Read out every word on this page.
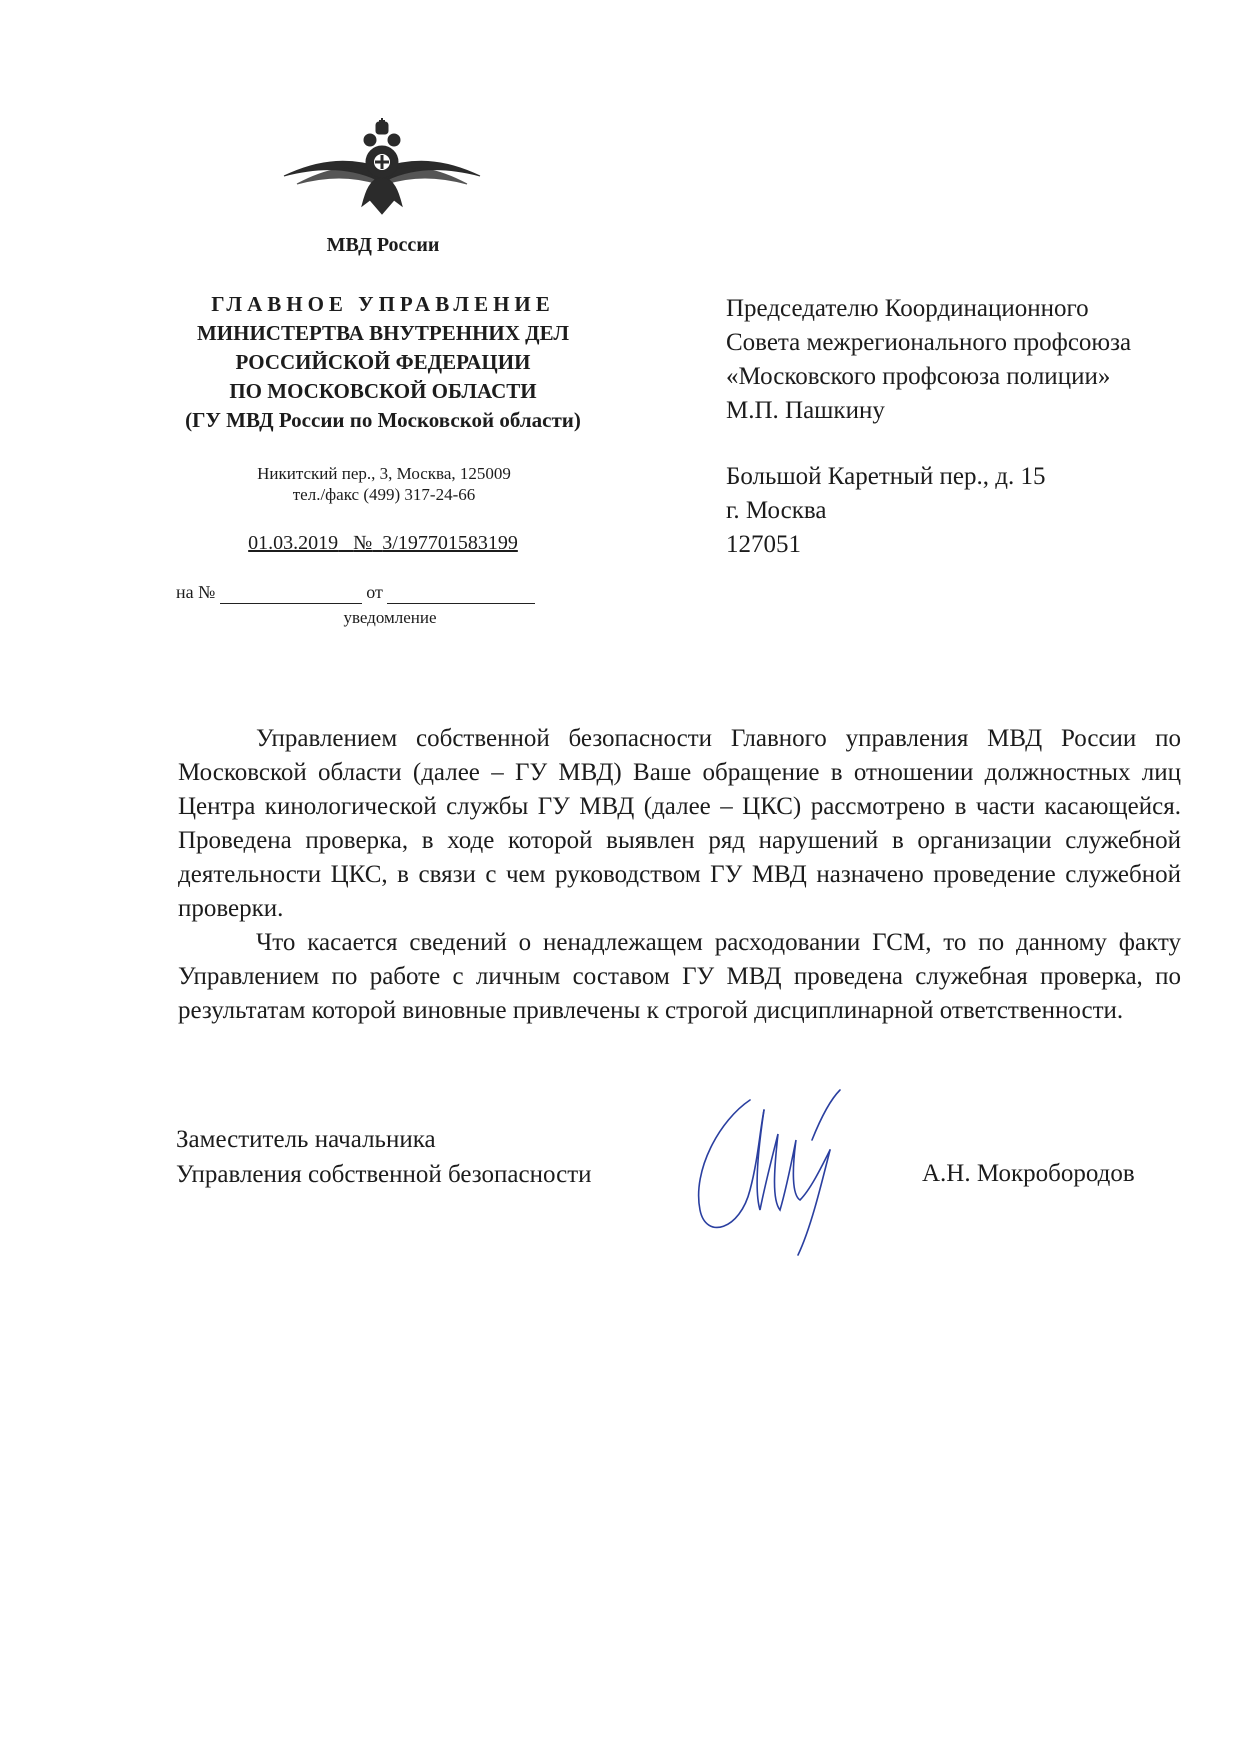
МВД России
ГЛАВНОЕ УПРАВЛЕНИЕ
МИНИСТЕРТВА ВНУТРЕННИХ ДЕЛ
РОССИЙСКОЙ ФЕДЕРАЦИИ
ПО МОСКОВСКОЙ ОБЛАСТИ
(ГУ МВД России по Московской области)
Никитский пер., 3, Москва, 125009
тел./факс (499) 317-24-66
01.03.2019 № 3/197701583199
на №	от
уведомление
Председателю Координационного
Совета межрегионального профсоюза
«Московского профсоюза полиции»
М.П. Пашкину
Большой Каретный пер., д. 15
г. Москва
127051

Управлением собственной безопасности Главного управления МВД России по Московской области (далее – ГУ МВД) Ваше обращение в отношении должностных лиц Центра кинологической службы ГУ МВД (далее – ЦКС) рассмотрено в части касающейся. Проведена проверка, в ходе которой выявлен ряд нарушений в организации служебной деятельности ЦКС, в связи с чем руководством ГУ МВД назначено проведение служебной проверки.

Что касается сведений о ненадлежащем расходовании ГСМ, то по данному факту Управлением по работе с личным составом ГУ МВД проведена служебная проверка, по результатам которой виновные привлечены к строгой дисциплинарной ответственности.

Заместитель начальника
Управления собственной безопасности	А.Н. Мокробородов
